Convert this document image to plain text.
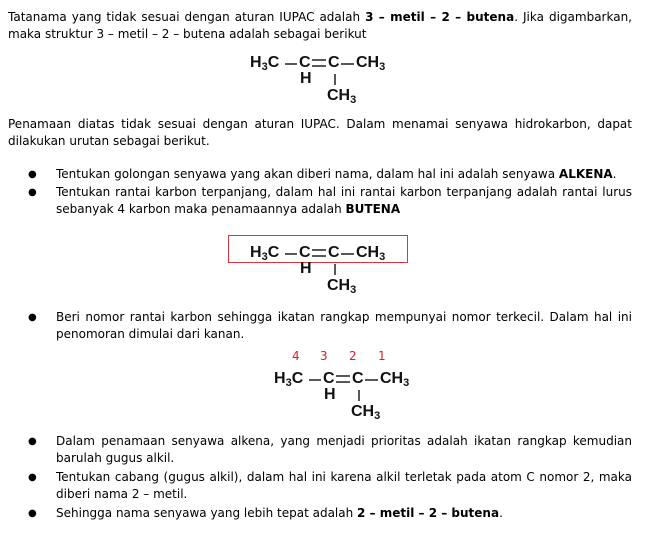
Tatanama yang tidak sesuai dengan aturan IUPAC adalah 3 – metil – 2 – butena. Jika digambarkan, maka struktur 3 – metil – 2 – butena adalah sebagai berikut
$H_3C$ C C $CH_3$
H
$CH_3$
Penamaan diatas tidak sesuai dengan aturan IUPAC. Dalam menamai senyawa hidrokarbon, dapat dilakukan urutan sebagai berikut.
● Tentukan golongan senyawa yang akan diberi nama, dalam hal ini adalah senyawa ALKENA.
● Tentukan rantai karbon terpanjang, dalam hal ini rantai karbon terpanjang adalah rantai lurus sebanyak 4 karbon maka penamaannya adalah BUTENA
$H_3C$ C C $CH_3$
H
$CH_3$
● Beri nomor rantai karbon sehingga ikatan rangkap mempunyai nomor terkecil. Dalam hal ini penomoran dimulai dari kanan.
4 3 2 1
$H_3C$ C C $CH_3$
H
$CH_3$
● Dalam penamaan senyawa alkena, yang menjadi prioritas adalah ikatan rangkap kemudian barulah gugus alkil.
● Tentukan cabang (gugus alkil), dalam hal ini karena alkil terletak pada atom C nomor 2, maka diberi nama 2 – metil.
● Sehingga nama senyawa yang lebih tepat adalah 2 – metil – 2 – butena.
